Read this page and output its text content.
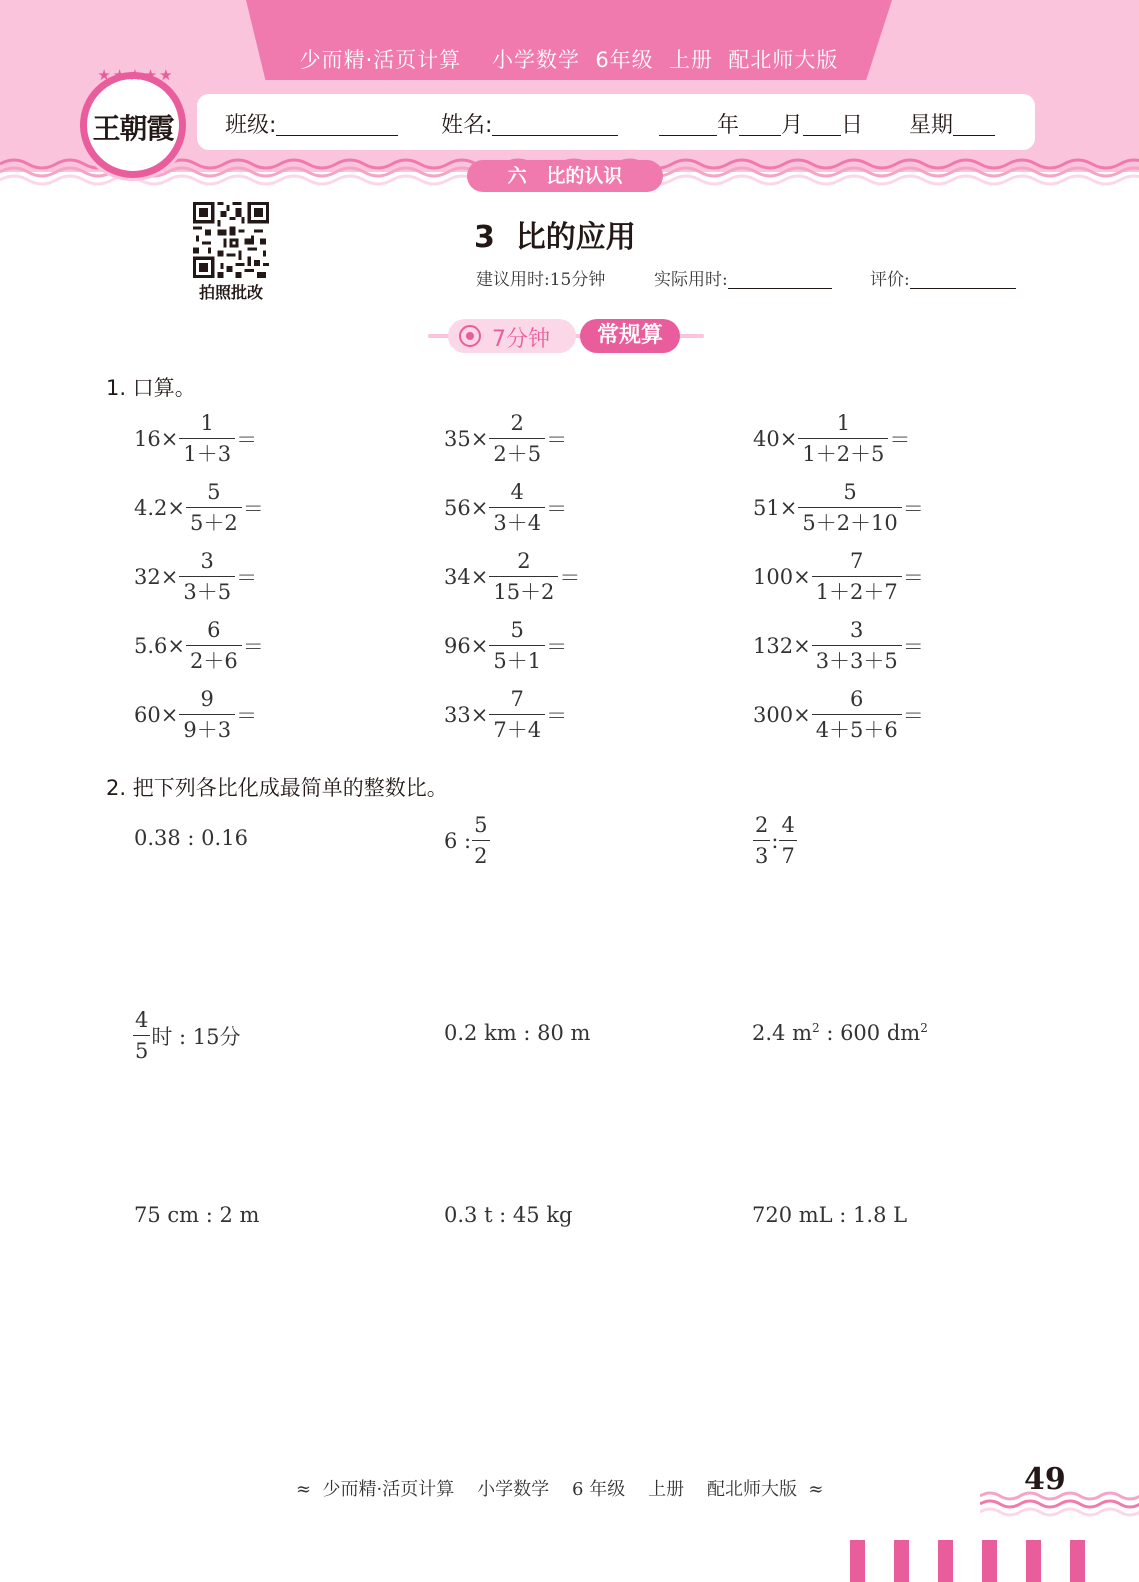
少而精·活页计算    小学数学  6年级  上册  配北师大版
班级:	姓名:	年 月 日 星期
王朝霞
★★★★★
六   比的认识
拍照批改
3  比的应用
建议用时:15分钟	实际用时:	评价:
7分钟	常规算
1. 口算。
$16\times \frac{1}{1+3}$ ＝	$35\times \frac{2}{2+5}$ ＝	$40\times \frac{1}{1+2+5}$ ＝
$4.2\times \frac{5}{5+2}$ ＝	$56\times \frac{4}{3+4}$ ＝	$51\times \frac{5}{5+2+10}$ ＝
$32\times \frac{3}{3+5}$ ＝	$34\times \frac{2}{15+2}$ ＝	$100\times \frac{7}{1+2+7}$ ＝
$5.6\times \frac{6}{2+6}$ ＝	$96\times \frac{5}{5+1}$ ＝	$132\times \frac{3}{3+3+5}$ ＝
$60\times \frac{9}{9+3}$ ＝	$33\times \frac{7}{7+4}$ ＝	$300\times \frac{6}{4+5+6}$ ＝
2. 把下列各比化成最简单的整数比。
0.38 : 0.16	6 : $\frac{5}{2}$	$\frac{2}{3}$ : $\frac{4}{7}$
$\frac{4}{5}$ 时 : 15分	0.2 km : 80 m	2.4 $m^2$ : 600 $dm^2$
75 cm : 2 m	0.3 t : 45 kg	720 mL : 1.8 L
≈  少而精·活页计算    小学数学    6 年级    上册    配北师大版  ≈	49
